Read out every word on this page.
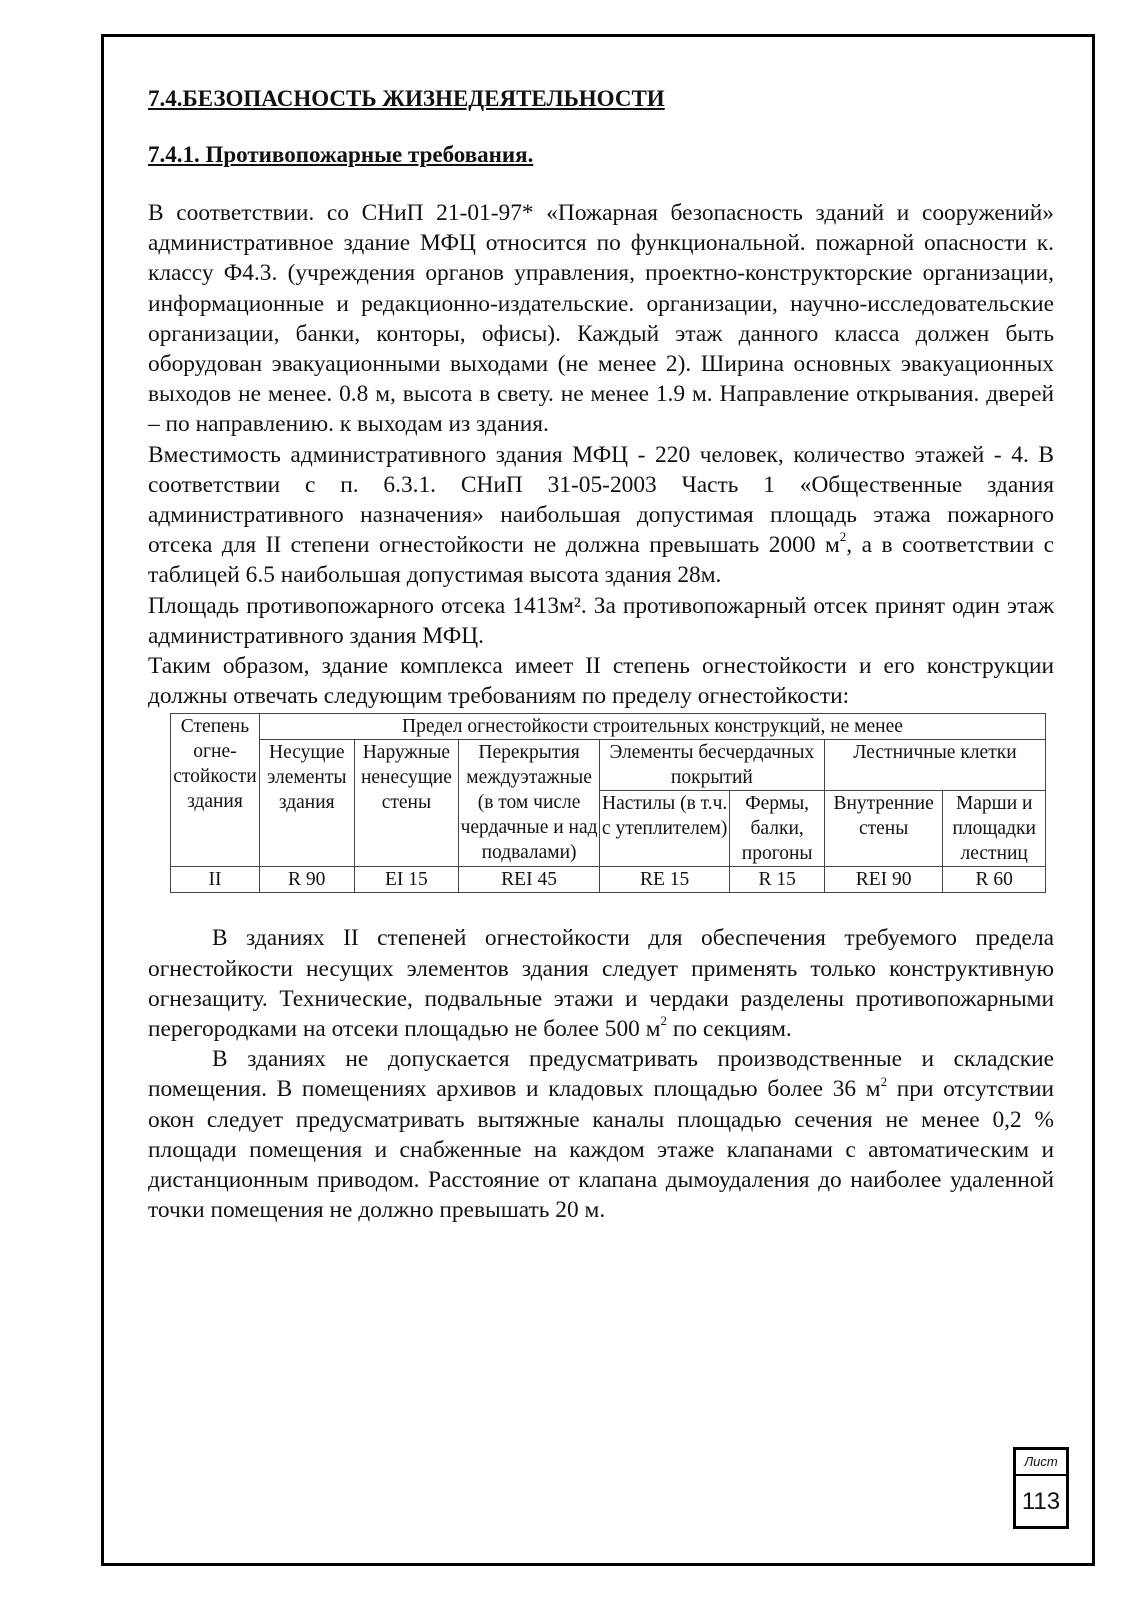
7.4.БЕЗОПАСНОСТЬ ЖИЗНЕДЕЯТЕЛЬНОСТИ
7.4.1. Противопожарные требования.

В соответствии. со СНиП 21-01-97* «Пожарная безопасность зданий и сооружений» административное здание МФЦ относится по функциональной. пожарной опасности к. классу Ф4.3. (учреждения органов управления, проектно-конструкторские организации, информационные и редакционно-издательские. организации, научно-исследовательские организации, банки, конторы, офисы). Каждый этаж данного класса должен быть оборудован эвакуационными выходами (не менее 2). Ширина основных эвакуационных выходов не менее. 0.8 м, высота в свету. не менее 1.9 м. Направление открывания. дверей – по направлению. к выходам из здания.

Вместимость административного здания МФЦ - 220 человек, количество этажей - 4. В соответствии с п. 6.3.1. СНиП 31-05-2003 Часть 1 «Общественные здания административного назначения» наибольшая допустимая площадь этажа пожарного отсека для II степени огнестойкости не должна превышать 2000 $м^2$, а в соответствии с таблицей 6.5 наибольшая допустимая высота здания 28м.

Площадь противопожарного отсека 1413м². За противопожарный отсек принят один этаж административного здания МФЦ.

Таким образом, здание комплекса имеет II степень огнестойкости и его конструкции должны отвечать следующим требованиям по пределу огнестойкости:

Степень огне-стойкости здания	Предел огнестойкости строительных конструкций, не менее						
	Несущие элементы здания	Наружные ненесущие стены	Перекрытия междуэтажные (в том числе чердачные и над подвалами)	Элементы бесчердачных покрытий		Лестничные клетки	
				Настилы (в т.ч. с утеплителем)	Фермы, балки, прогоны	Внутренние стены	Марши и площадки лестниц
II	R 90	EI 15	REI 45	RE 15	R 15	REI 90	R 60

В зданиях II степеней огнестойкости для обеспечения требуемого предела огнестойкости несущих элементов здания следует применять только конструктивную огнезащиту. Технические, подвальные этажи и чердаки разделены противопожарными перегородками на отсеки площадью не более 500 $м^2$ по секциям.

В зданиях не допускается предусматривать производственные и складские помещения. В помещениях архивов и кладовых площадью более 36 $м^2$ при отсутствии окон следует предусматривать вытяжные каналы площадью сечения не менее 0,2 % площади помещения и снабженные на каждом этаже клапанами с автоматическим и дистанционным приводом. Расстояние от клапана дымоудаления до наиболее удаленной точки помещения не должно превышать 20 м.

Лист
113
